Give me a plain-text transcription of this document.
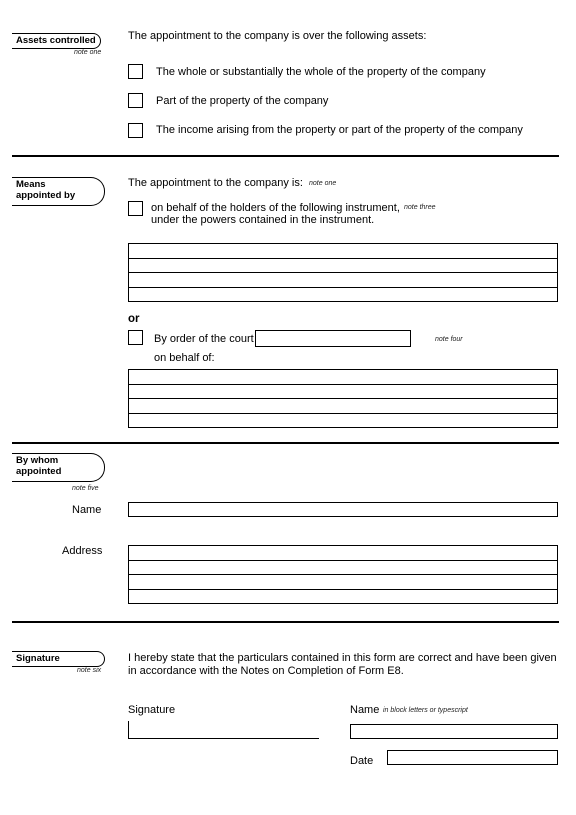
Assets controlled
note one
The appointment to the company is over the following assets:
The whole or substantially the whole of the property of the company
Part of the property of the company
The income arising from the property or part of the property of the company
Means
appointed by
The appointment to the company is: note one
on behalf of the holders of the following instrument,
under the powers contained in the instrument.
note three
or
By order of the court	note four
on behalf of:
By whom
appointed
note five
Name
Address
Signature
note six
I hereby state that the particulars contained in this form are correct and have been given
in accordance with the Notes on Completion of Form E8.
Signature	Name in block letters or typescript
Date
